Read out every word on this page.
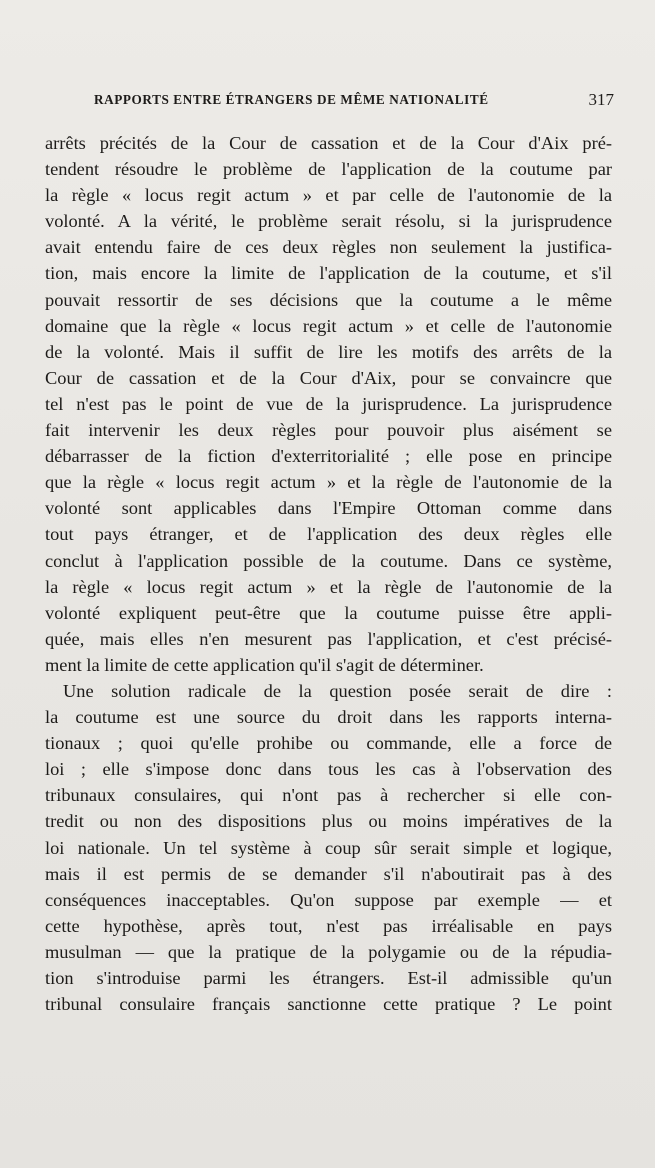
RAPPORTS ENTRE ÉTRANGERS DE MÊME NATIONALITÉ	317
arrêts précités de la Cour de cassation et de la Cour d'Aix pré-
tendent résoudre le problème de l'application de la coutume par
la règle « locus regit actum » et par celle de l'autonomie de la
volonté. A la vérité, le problème serait résolu, si la jurisprudence
avait entendu faire de ces deux règles non seulement la justifica-
tion, mais encore la limite de l'application de la coutume, et s'il
pouvait ressortir de ses décisions que la coutume a le même
domaine que la règle « locus regit actum » et celle de l'autonomie
de la volonté. Mais il suffit de lire les motifs des arrêts de la
Cour de cassation et de la Cour d'Aix, pour se convaincre que
tel n'est pas le point de vue de la jurisprudence. La jurisprudence
fait intervenir les deux règles pour pouvoir plus aisément se
débarrasser de la fiction d'exterritorialité ; elle pose en principe
que la règle « locus regit actum » et la règle de l'autonomie de la
volonté sont applicables dans l'Empire Ottoman comme dans
tout pays étranger, et de l'application des deux règles elle
conclut à l'application possible de la coutume. Dans ce système,
la règle « locus regit actum » et la règle de l'autonomie de la
volonté expliquent peut-être que la coutume puisse être appli-
quée, mais elles n'en mesurent pas l'application, et c'est précisé-
ment la limite de cette application qu'il s'agit de déterminer.
Une solution radicale de la question posée serait de dire :
la coutume est une source du droit dans les rapports interna-
tionaux ; quoi qu'elle prohibe ou commande, elle a force de
loi ; elle s'impose donc dans tous les cas à l'observation des
tribunaux consulaires, qui n'ont pas à rechercher si elle con-
tredit ou non des dispositions plus ou moins impératives de la
loi nationale. Un tel système à coup sûr serait simple et logique,
mais il est permis de se demander s'il n'aboutirait pas à des
conséquences inacceptables. Qu'on suppose par exemple — et
cette hypothèse, après tout, n'est pas irréalisable en pays
musulman — que la pratique de la polygamie ou de la répudia-
tion s'introduise parmi les étrangers. Est-il admissible qu'un
tribunal consulaire français sanctionne cette pratique ? Le point
